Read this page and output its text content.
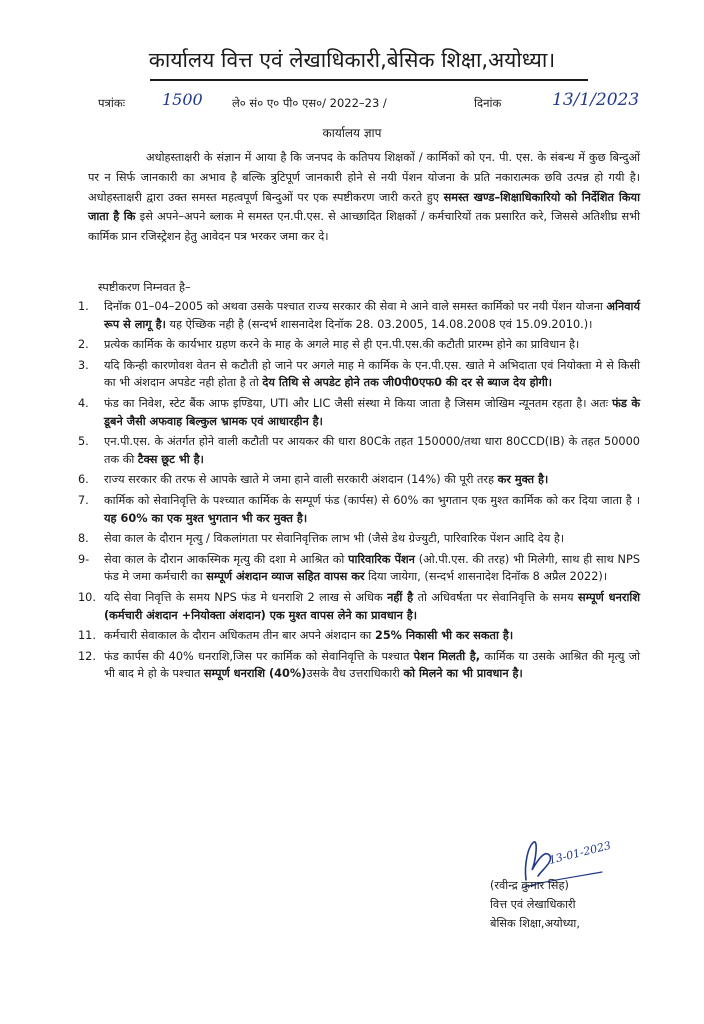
कार्यालय वित्त एवं लेखाधिकारी,बेसिक शिक्षा,अयोध्या।
पत्रांकः 1500	ले० सं० ए० पी० एस०/ 2022–23 /	दिनांक	13/1/2023
कार्यालय ज्ञाप
अधोहस्ताक्षरी के संज्ञान में आया है कि जनपद के कतिपय शिक्षकों / कार्मिकों को एन. पी. एस. के संबन्ध में कुछ बिन्दुओं पर न सिर्फ जानकारी का अभाव है बल्कि त्रुटिपूर्ण जानकारी होने से नयी पेंशन योजना के प्रति नकारात्मक छवि उत्पन्न हो गयी है। अधोहस्ताक्षरी द्वारा उक्त समस्त महत्वपूर्ण बिन्दुओं पर एक स्पष्टीकरण जारी करते हुए समस्त खण्ड–शिक्षाधिकारियो को निर्देशित किया जाता है कि इसे अपने–अपने ब्लाक मे समस्त एन.पी.एस. से आच्छादित शिक्षकों / कर्मचारियों तक प्रसारित करे, जिससे अतिशीघ्र सभी कार्मिक प्रान रजिस्ट्रेशन हेतु आवेदन पत्र भरकर जमा कर दे।
स्पष्टीकरण निम्नवत है–
1. दिनॉक 01–04–2005 को अथवा उसके पश्चात राज्य सरकार की सेवा मे आने वाले समस्त कार्मिको पर नयी पेंशन योजना अनिवार्य रूप से लागू है। यह ऐच्छिक नही है (सन्दर्भ शासनादेश दिनॉक 28. 03.2005, 14.08.2008 एवं 15.09.2010.)।
2. प्रत्येक कार्मिक के कार्यभार ग्रहण करने के माह के अगले माह से ही एन.पी.एस.की कटौती प्रारम्भ होने का प्राविधान है।
3. यदि किन्ही कारणोवश वेतन से कटौती हो जाने पर अगले माह मे कार्मिक के एन.पी.एस. खाते मे अभिदाता एवं नियोक्ता मे से किसी का भी अंशदान अपडेट नही होता है तो देय तिथि से अपडेट होने तक जी0पी0एफ0 की दर से ब्याज देय होगी।
4. फंड का निवेश, स्टेट बैंक आफ इण्डिया, UTI और LIC जैसी संस्था मे किया जाता है जिसम जोखिम न्यूनतम रहता है। अतः फंड के डूबने जैसी अफवाह बिल्कुल भ्रामक एवं आधारहीन है।
5. एन.पी.एस. के अंतर्गत होने वाली कटौती पर आयकर की धारा 80Cके तहत 150000/तथा धारा 80CCD(IB) के तहत 50000 तक की टैक्स छूट भी है।
6. राज्य सरकार की तरफ से आपके खाते मे जमा हाने वाली सरकारी अंशदान (14%) की पूरी तरह कर मुक्त है।
7. कार्मिक को सेवानिवृत्ति के पश्च्यात कार्मिक के सम्पूर्ण फंड (कार्पस) से 60% का भुगतान एक मुश्त कार्मिक को कर दिया जाता है । यह 60% का एक मुश्त भुगतान भी कर मुक्त है।
8. सेवा काल के दौरान मृत्यु / विकलांगता पर सेवानिवृत्तिक लाभ भी (जैसे डेथ ग्रेज्युटी, पारिवारिक पेंशन आदि देय है।
9- सेवा काल के दौरान आकस्मिक मृत्यु की दशा मे आश्रित को पारिवारिक पेंशन (ओ.पी.एस. की तरह) भी मिलेगी, साथ ही साथ NPS फंड मे जमा कर्मचारी का सम्पूर्ण अंशदान व्याज सहित वापस कर दिया जायेगा, (सन्दर्भ शासनादेश दिनॉक 8 अप्रैल 2022)।
10. यदि सेवा निवृत्ति के समय NPS फंड मे धनराशि 2 लाख से अधिक नहीं है तो अधिवर्षता पर सेवानिवृत्ति के समय सम्पूर्ण धनराशि (कर्मचारी अंशदान +नियोक्ता अंशदान) एक मुश्त वापस लेने का प्रावधान है।
11. कर्मचारी सेवाकाल के दौरान अधिकतम तीन बार अपने अंशदान का 25% निकासी भी कर सकता है।
12. फंड कार्पस की 40% धनराशि,जिस पर कार्मिक को सेवानिवृत्ति के पश्चात पेशन मिलती है, कार्मिक या उसके आश्रित की मृत्यु जो भी बाद मे हो के पश्चात सम्पूर्ण धनराशि (40%)उसके वैध उत्तराधिकारी को मिलने का भी प्रावधान है।
13-01-2023
(रवीन्द्र कुमार सिह)
वित्त एवं लेखाधिकारी
बेसिक शिक्षा,अयोध्या,
